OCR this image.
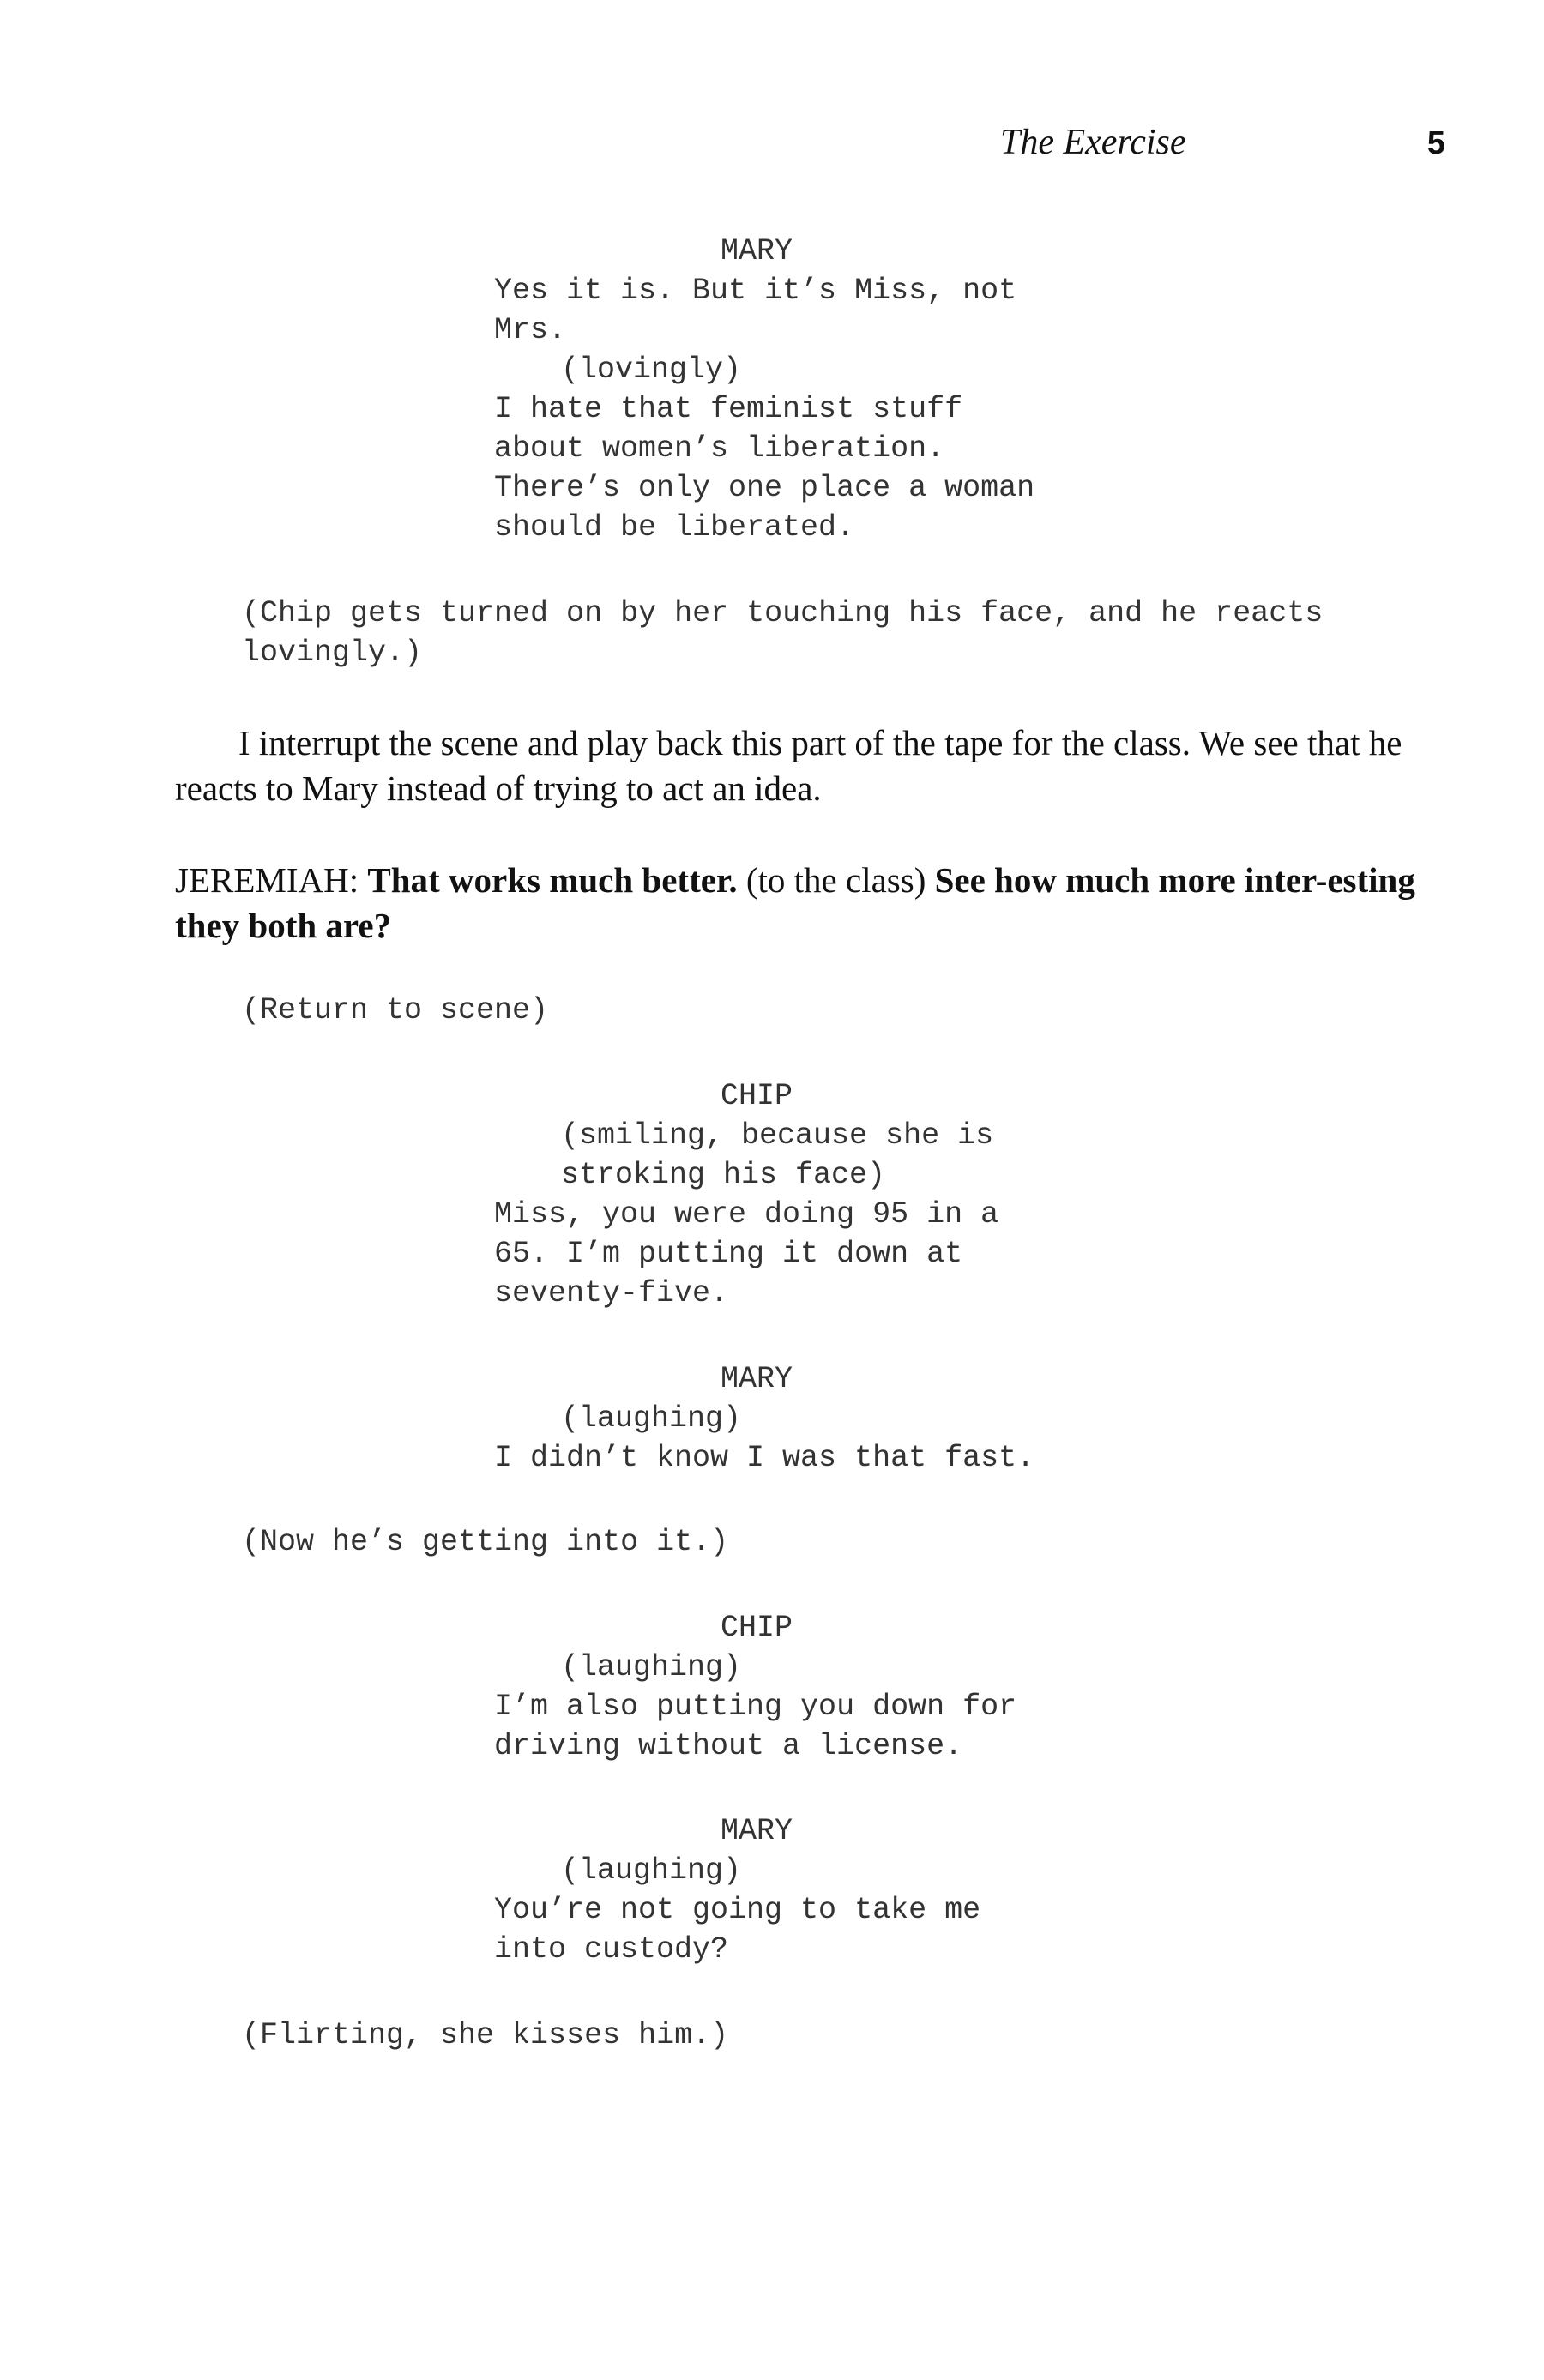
The Exercise	5
MARY
Yes it is. But it’s Miss, not
Mrs.
(lovingly)
I hate that feminist stuff
about women’s liberation.
There’s only one place a woman
should be liberated.
(Chip gets turned on by her touching his face, and he reacts
lovingly.)

I interrupt the scene and play back this part of the tape for the class. We see that he reacts to Mary instead of trying to act an idea.

JEREMIAH: That works much better. (to the class) See how much more inter-esting they both are?

(Return to scene)
CHIP
(smiling, because she is
stroking his face)
Miss, you were doing 95 in a
65. I’m putting it down at
seventy-five.
MARY
(laughing)
I didn’t know I was that fast.
(Now he’s getting into it.)
CHIP
(laughing)
I’m also putting you down for
driving without a license.
MARY
(laughing)
You’re not going to take me
into custody?
(Flirting, she kisses him.)
